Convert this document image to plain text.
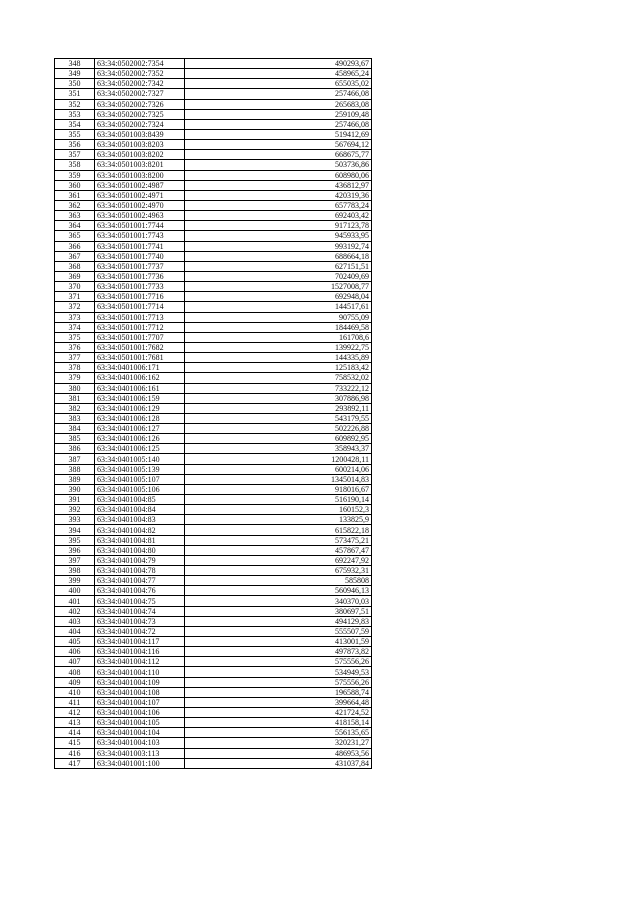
348	63:34:0502002:7354	490293,67
349	63:34:0502002:7352	458965,24
350	63:34:0502002:7342	655035,02
351	63:34:0502002:7327	257466,08
352	63:34:0502002:7326	265683,08
353	63:34:0502002:7325	259109,48
354	63:34:0502002:7324	257466,08
355	63:34:0501003:8439	519412,69
356	63:34:0501003:8203	567694,12
357	63:34:0501003:8202	668675,77
358	63:34:0501003:8201	503736,86
359	63:34:0501003:8200	608980,06
360	63:34:0501002:4987	436812,97
361	63:34:0501002:4971	420319,36
362	63:34:0501002:4970	657783,24
363	63:34:0501002:4963	692403,42
364	63:34:0501001:7744	917123,78
365	63:34:0501001:7743	945933,95
366	63:34:0501001:7741	993192,74
367	63:34:0501001:7740	688664,18
368	63:34:0501001:7737	627151,51
369	63:34:0501001:7736	702409,69
370	63:34:0501001:7733	1527008,77
371	63:34:0501001:7716	692948,04
372	63:34:0501001:7714	144517,61
373	63:34:0501001:7713	90755,09
374	63:34:0501001:7712	184469,58
375	63:34:0501001:7707	161708,6
376	63:34:0501001:7682	139922,75
377	63:34:0501001:7681	144335,89
378	63:34:0401006:171	125183,42
379	63:34:0401006:162	758532,02
380	63:34:0401006:161	733222,12
381	63:34:0401006:159	307886,98
382	63:34:0401006:129	293892,11
383	63:34:0401006:128	543179,55
384	63:34:0401006:127	502226,88
385	63:34:0401006:126	609892,95
386	63:34:0401006:125	358943,37
387	63:34:0401005:140	1200428,11
388	63:34:0401005:139	600214,06
389	63:34:0401005:107	1345014,83
390	63:34:0401005:106	918016,67
391	63:34:0401004:85	516190,14
392	63:34:0401004:84	160152,3
393	63:34:0401004:83	133825,9
394	63:34:0401004:82	615822,18
395	63:34:0401004:81	573475,21
396	63:34:0401004:80	457867,47
397	63:34:0401004:79	692247,92
398	63:34:0401004:78	675932,31
399	63:34:0401004:77	585808
400	63:34:0401004:76	560946,13
401	63:34:0401004:75	340370,03
402	63:34:0401004:74	380697,51
403	63:34:0401004:73	494129,83
404	63:34:0401004:72	555507,59
405	63:34:0401004:117	413001,59
406	63:34:0401004:116	497873,82
407	63:34:0401004:112	575556,26
408	63:34:0401004:110	534949,53
409	63:34:0401004:109	575556,26
410	63:34:0401004:108	196588,74
411	63:34:0401004:107	399664,48
412	63:34:0401004:106	421724,52
413	63:34:0401004:105	418158,14
414	63:34:0401004:104	556135,65
415	63:34:0401004:103	320231,27
416	63:34:0401003:113	486953,56
417	63:34:0401001:100	431037,84
